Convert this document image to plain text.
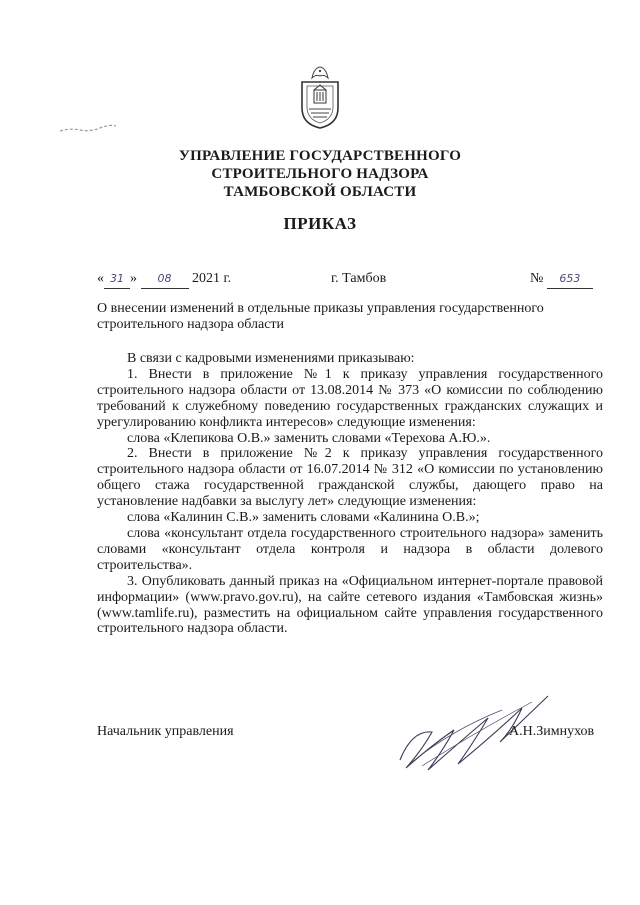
УПРАВЛЕНИЕ ГОСУДАРСТВЕННОГО
СТРОИТЕЛЬНОГО НАДЗОРА
ТАМБОВСКОЙ ОБЛАСТИ
ПРИКАЗ
« 31 » 08 2021 г.	г. Тамбов	№ 653
О внесении изменений в отдельные приказы управления государственного строительного надзора области

В связи с кадровыми изменениями приказываю:

1. Внести в приложение №1 к приказу управления государственного строительного надзора области от 13.08.2014 № 373 «О комиссии по соблюдению требований к служебному поведению государственных гражданских служащих и урегулированию конфликта интересов» следующие изменения:

слова «Клепикова О.В.» заменить словами «Терехова А.Ю.».

2. Внести в приложение №2 к приказу управления государственного строительного надзора области от 16.07.2014 № 312 «О комиссии по установлению общего стажа государственной гражданской службы, дающего право на установление надбавки за выслугу лет» следующие изменения:

слова «Калинин С.В.» заменить словами «Калинина О.В.»;

слова «консультант отдела государственного строительного надзора» заменить словами «консультант отдела контроля и надзора в области долевого строительства».

3. Опубликовать данный приказ на «Официальном интернет-портале правовой информации» (www.pravo.gov.ru), на сайте сетевого издания «Тамбовская жизнь» (www.tamlife.ru), разместить на официальном сайте управления государственного строительного надзора области.

Начальник управления	А.Н.Зимнухов
